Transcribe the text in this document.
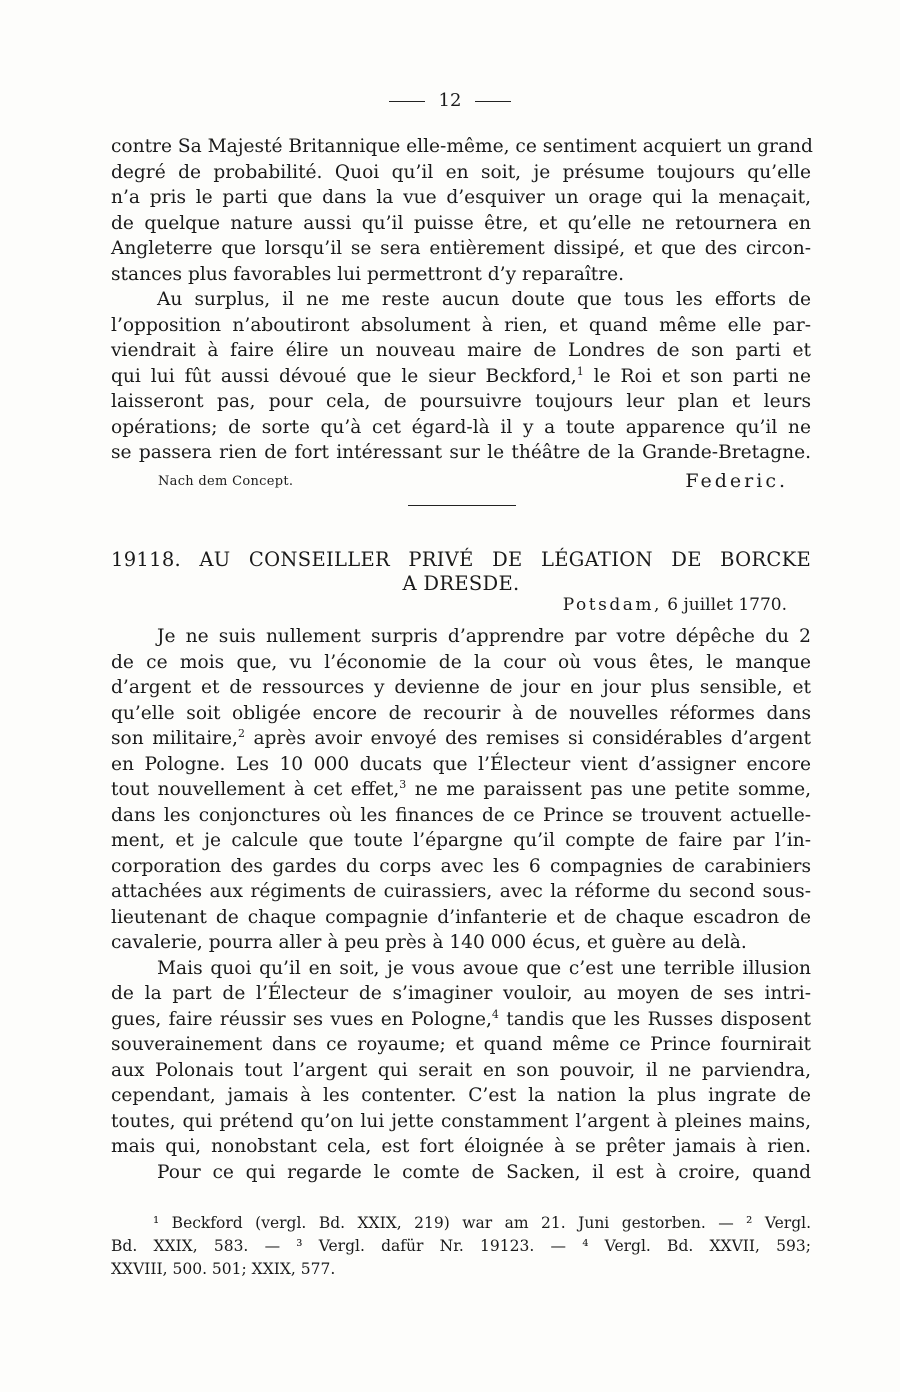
12
contre Sa Majesté Britannique elle-même, ce sentiment acquiert un grand
degré de probabilité. Quoi qu’il en soit, je présume toujours qu’elle
n’a pris le parti que dans la vue d’esquiver un orage qui la menaçait,
de quelque nature aussi qu’il puisse être, et qu’elle ne retournera en
Angleterre que lorsqu’il se sera entièrement dissipé, et que des circon-
stances plus favorables lui permettront d’y reparaître.
Au surplus, il ne me reste aucun doute que tous les efforts de
l’opposition n’aboutiront absolument à rien, et quand même elle par-
viendrait à faire élire un nouveau maire de Londres de son parti et
qui lui fût aussi dévoué que le sieur Beckford,$^1$ le Roi et son parti ne
laisseront pas, pour cela, de poursuivre toujours leur plan et leurs
opérations; de sorte qu’à cet égard-là il y a toute apparence qu’il ne
se passera rien de fort intéressant sur le théâtre de la Grande-Bretagne.
Nach dem Concept.	Federic.
19118. AU CONSEILLER PRIVÉ DE LÉGATION DE BORCKE
A DRESDE.
Potsdam, 6 juillet 1770.
Je ne suis nullement surpris d’apprendre par votre dépêche du 2
de ce mois que, vu l’économie de la cour où vous êtes, le manque
d’argent et de ressources y devienne de jour en jour plus sensible, et
qu’elle soit obligée encore de recourir à de nouvelles réformes dans
son militaire,$^2$ après avoir envoyé des remises si considérables d’argent
en Pologne. Les 10 000 ducats que l’Électeur vient d’assigner encore
tout nouvellement à cet effet,$^3$ ne me paraissent pas une petite somme,
dans les conjonctures où les finances de ce Prince se trouvent actuelle-
ment, et je calcule que toute l’épargne qu’il compte de faire par l’in-
corporation des gardes du corps avec les 6 compagnies de carabiniers
attachées aux régiments de cuirassiers, avec la réforme du second sous-
lieutenant de chaque compagnie d’infanterie et de chaque escadron de
cavalerie, pourra aller à peu près à 140 000 écus, et guère au delà.
Mais quoi qu’il en soit, je vous avoue que c’est une terrible illusion
de la part de l’Électeur de s’imaginer vouloir, au moyen de ses intri-
gues, faire réussir ses vues en Pologne,$^4$ tandis que les Russes disposent
souverainement dans ce royaume; et quand même ce Prince fournirait
aux Polonais tout l’argent qui serait en son pouvoir, il ne parviendra,
cependant, jamais à les contenter. C’est la nation la plus ingrate de
toutes, qui prétend qu’on lui jette constamment l’argent à pleines mains,
mais qui, nonobstant cela, est fort éloignée à se prêter jamais à rien.
Pour ce qui regarde le comte de Sacken, il est à croire, quand
¹ Beckford (vergl. Bd. XXIX, 219) war am 21. Juni gestorben. — ² Vergl.
Bd. XXIX, 583. — ³ Vergl. dafür Nr. 19123. — ⁴ Vergl. Bd. XXVII, 593;
XXVIII, 500. 501; XXIX, 577.
